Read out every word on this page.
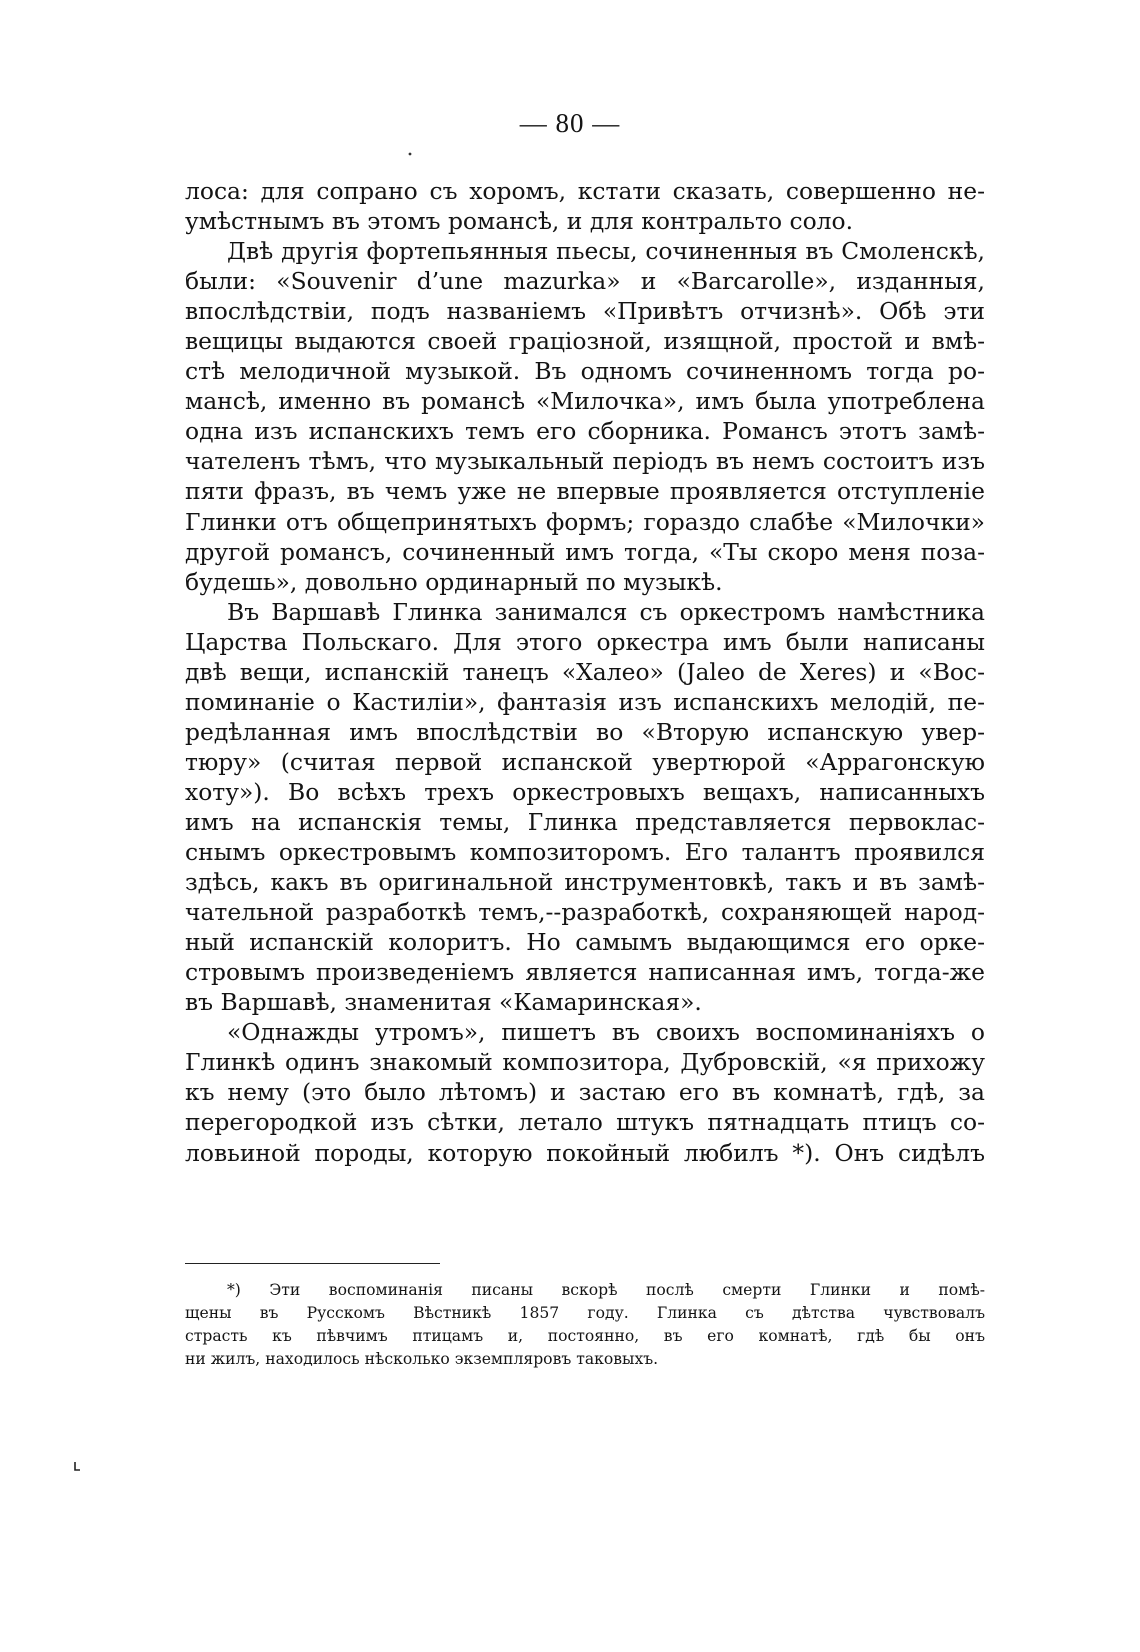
— 80 —
лоса: для сопрано съ хоромъ, кстати сказать, совершенно не-
умѣстнымъ въ этомъ романсѣ, и для контральто соло.
Двѣ другія фортепьянныя пьесы, сочиненныя въ Смоленскѣ,
были: «Souvenir d’une mazurka» и «Barcarolle», изданныя,
впослѣдствіи, подъ названіемъ «Привѣтъ отчизнѣ». Обѣ эти
вещицы выдаются своей граціозной, изящной, простой и вмѣ-
стѣ мелодичной музыкой. Въ одномъ сочиненномъ тогда ро-
мансѣ, именно въ романсѣ «Милочка», имъ была употреблена
одна изъ испанскихъ темъ его сборника. Романсъ этотъ замѣ-
чателенъ тѣмъ, что музыкальный періодъ въ немъ состоитъ изъ
пяти фразъ, въ чемъ уже не впервые проявляется отступленіе
Глинки отъ общепринятыхъ формъ; гораздо слабѣе «Милочки»
другой романсъ, сочиненный имъ тогда, «Ты скоро меня поза-
будешь», довольно ординарный по музыкѣ.
Въ Варшавѣ Глинка занимался съ оркестромъ намѣстника
Царства Польскаго. Для этого оркестра имъ были написаны
двѣ вещи, испанскій танецъ «Халео» (Jaleo de Xeres) и «Вос-
поминаніе о Кастиліи», фантазія изъ испанскихъ мелодій, пе-
редѣланная имъ впослѣдствіи во «Вторую испанскую увер-
тюру» (считая первой испанской увертюрой «Аррагонскую
хоту»). Во всѣхъ трехъ оркестровыхъ вещахъ, написанныхъ
имъ на испанскія темы, Глинка представляется первоклас-
снымъ оркестровымъ композиторомъ. Его талантъ проявился
здѣсь, какъ въ оригинальной инструментовкѣ, такъ и въ замѣ-
чательной разработкѣ темъ,--разработкѣ, сохраняющей народ-
ный испанскій колоритъ. Но самымъ выдающимся его орке-
стровымъ произведеніемъ является написанная имъ, тогда-же
въ Варшавѣ, знаменитая «Камаринская».
«Однажды утромъ», пишетъ въ своихъ воспоминаніяхъ о
Глинкѣ одинъ знакомый композитора, Дубровскій, «я прихожу
къ нему (это было лѣтомъ) и застаю его въ комнатѣ, гдѣ, за
перегородкой изъ сѣтки, летало штукъ пятнадцать птицъ со-
ловьиной породы, которую покойный любилъ *). Онъ сидѣлъ
*) Эти воспоминанія писаны вскорѣ послѣ смерти Глинки и помѣ-
щены въ Русскомъ Вѣстникѣ 1857 году. Глинка съ дѣтства чувствовалъ
страсть къ пѣвчимъ птицамъ и, постоянно, въ его комнатѣ, гдѣ бы онъ
ни жилъ, находилось нѣсколько экземпляровъ таковыхъ.
